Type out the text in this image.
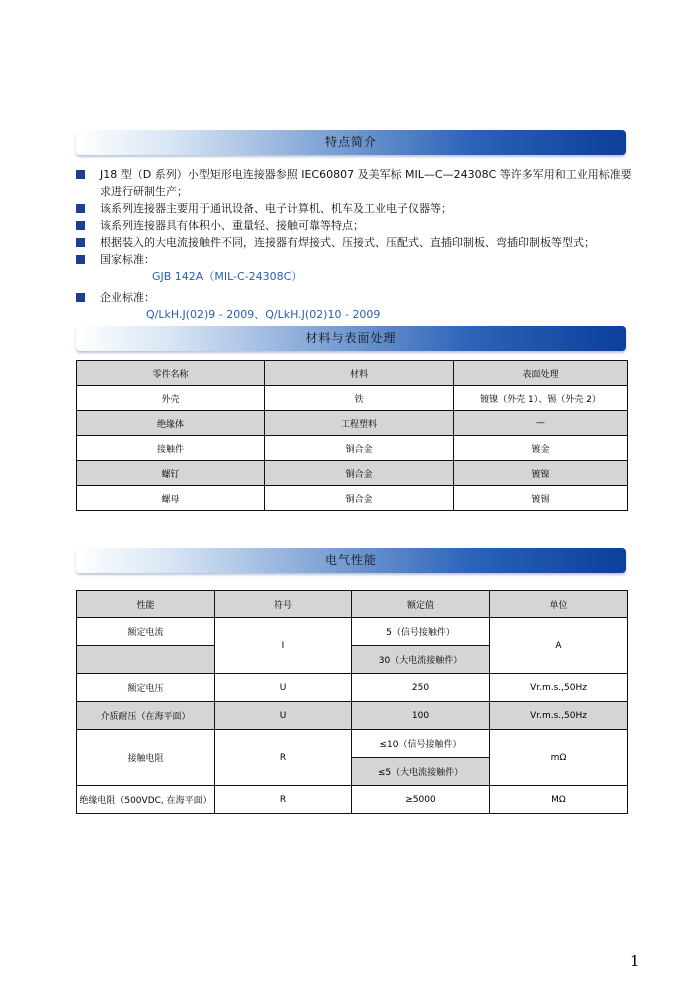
特点简介
J18 型（D 系列）小型矩形电连接器参照 IEC60807 及美军标 MIL—C—24308C 等许多军用和工业用标准要求进行研制生产；
该系列连接器主要用于通讯设备、电子计算机、机车及工业电子仪器等；
该系列连接器具有体积小、重量轻、接触可靠等特点；
根据装入的大电流接触件不同，连接器有焊接式、压接式、压配式、直插印制板、弯插印制板等型式；
国家标准：
GJB 142A（MIL-C-24308C）
企业标准：
Q/LkH.J(02)9 - 2009、Q/LkH.J(02)10 - 2009
材料与表面处理
零件名称	材料	表面处理
外壳	铁	镀镍（外壳 1）、锡（外壳 2）
绝缘体	工程塑料	—
接触件	铜合金	镀金
螺钉	铜合金	镀镍
螺母	铜合金	镀锡
电气性能
性能	符号	额定值	单位
额定电流	I	5（信号接触件）	A
		30（大电流接触件）	
额定电压	U	250	Vr.m.s.,50Hz
介质耐压（在海平面）	U	100	Vr.m.s.,50Hz
接触电阻	R	≤10（信号接触件）	mΩ
		≤5（大电流接触件）	
绝缘电阻（500VDC, 在海平面）	R	≥5000	MΩ
1
